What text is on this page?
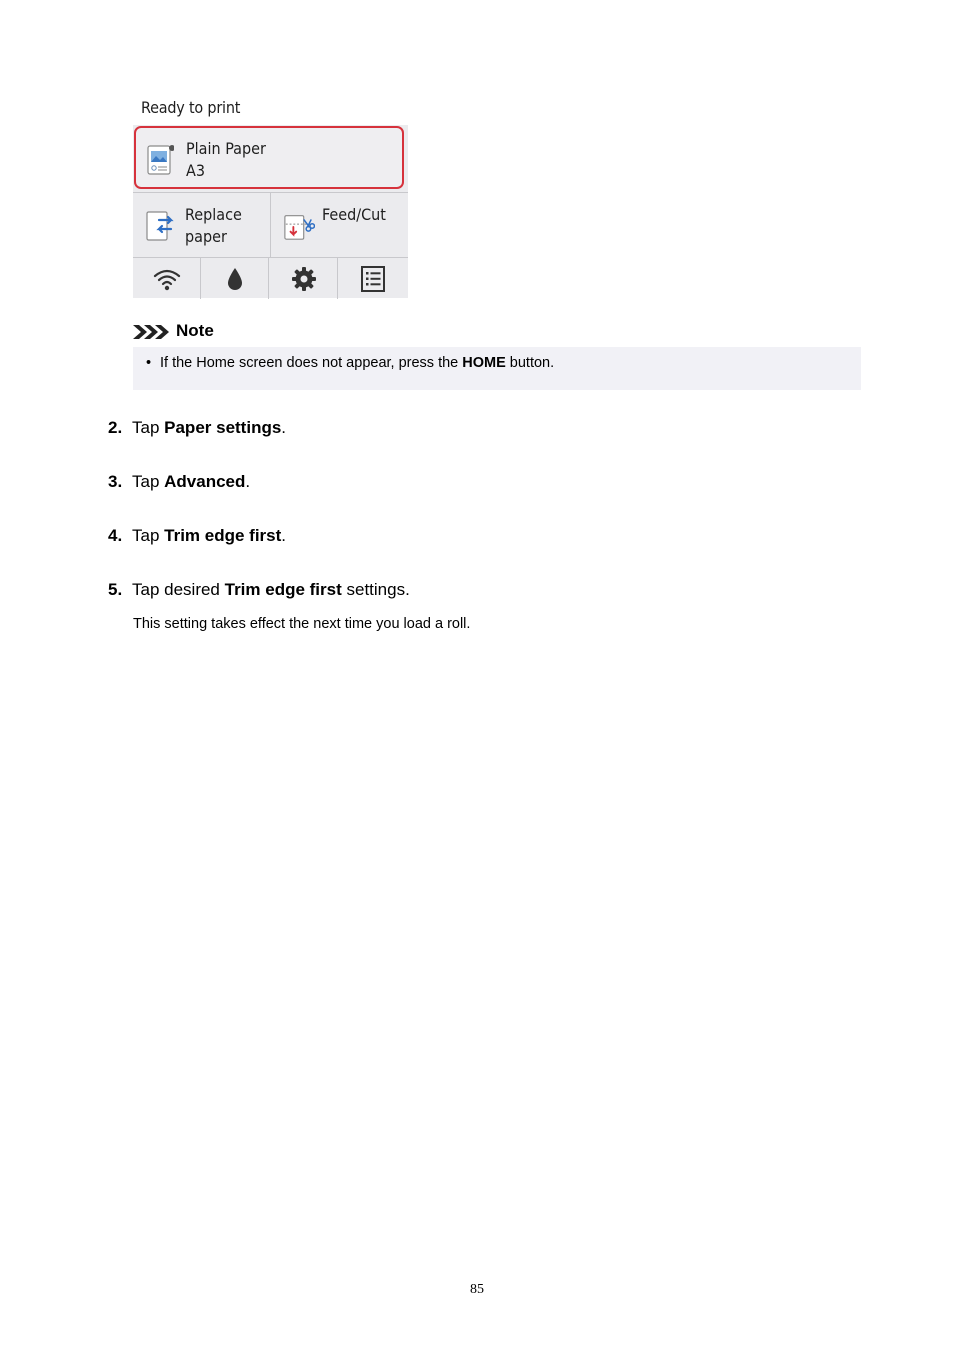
Ready to print
Plain Paper
A3
Replace
paper
Feed/Cut
Note
• If the Home screen does not appear, press the HOME button.
2. Tap Paper settings.
3. Tap Advanced.
4. Tap Trim edge first.
5. Tap desired Trim edge first settings.
This setting takes effect the next time you load a roll.
85
